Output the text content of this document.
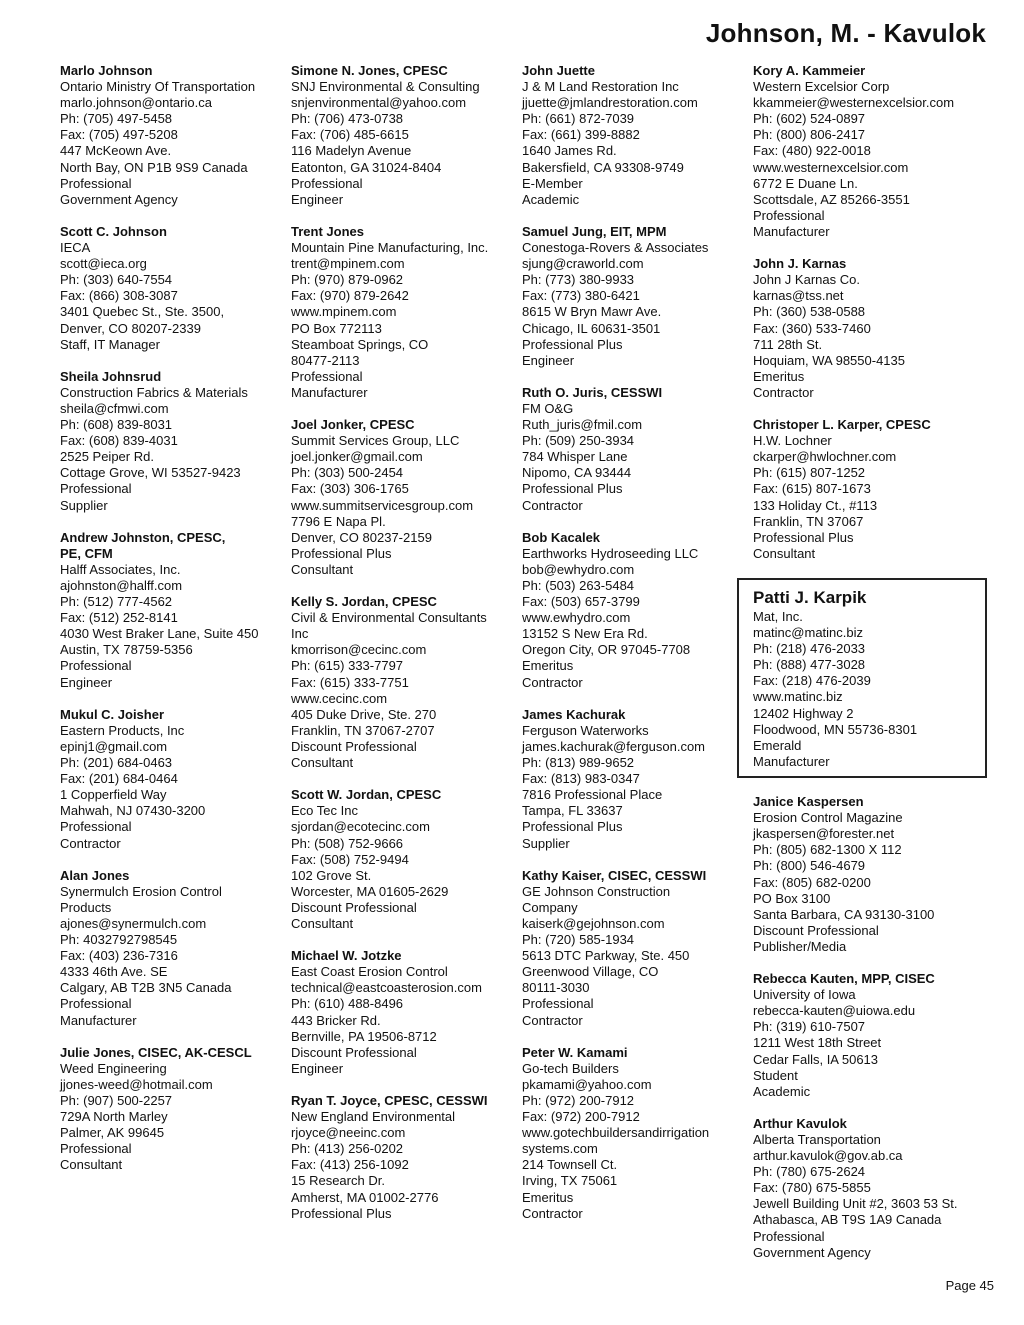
Johnson, M. - Kavulok
Marlo Johnson
Ontario Ministry Of Transportation
marlo.johnson@ontario.ca
Ph: (705) 497-5458
Fax: (705) 497-5208
447 McKeown Ave.
North Bay, ON P1B 9S9 Canada
Professional
Government Agency
Scott C. Johnson
IECA
scott@ieca.org
Ph: (303) 640-7554
Fax: (866) 308-3087
3401 Quebec St., Ste. 3500,
Denver, CO 80207-2339
Staff, IT Manager
Sheila Johnsrud
Construction Fabrics & Materials
sheila@cfmwi.com
Ph: (608) 839-8031
Fax: (608) 839-4031
2525 Peiper Rd.
Cottage Grove, WI 53527-9423
Professional
Supplier
Andrew Johnston, CPESC,
PE, CFM
Halff Associates, Inc.
ajohnston@halff.com
Ph: (512) 777-4562
Fax: (512) 252-8141
4030 West Braker Lane, Suite 450
Austin, TX 78759-5356
Professional
Engineer
Mukul C. Joisher
Eastern Products, Inc
epinj1@gmail.com
Ph: (201) 684-0463
Fax: (201) 684-0464
1 Copperfield Way
Mahwah, NJ 07430-3200
Professional
Contractor
Alan Jones
Synermulch Erosion Control
Products
ajones@synermulch.com
Ph: 4032792798545
Fax: (403) 236-7316
4333 46th Ave. SE
Calgary, AB T2B 3N5 Canada
Professional
Manufacturer
Julie Jones, CISEC, AK-CESCL
Weed Engineering
jjones-weed@hotmail.com
Ph: (907) 500-2257
729A North Marley
Palmer, AK 99645
Professional
Consultant
Simone N. Jones, CPESC
SNJ Environmental & Consulting
snjenvironmental@yahoo.com
Ph: (706) 473-0738
Fax: (706) 485-6615
116 Madelyn Avenue
Eatonton, GA 31024-8404
Professional
Engineer
Trent Jones
Mountain Pine Manufacturing, Inc.
trent@mpinem.com
Ph: (970) 879-0962
Fax: (970) 879-2642
www.mpinem.com
PO Box 772113
Steamboat Springs, CO
80477-2113
Professional
Manufacturer
Joel Jonker, CPESC
Summit Services Group, LLC
joel.jonker@gmail.com
Ph: (303) 500-2454
Fax: (303) 306-1765
www.summitservicesgroup.com
7796 E Napa Pl.
Denver, CO 80237-2159
Professional Plus
Consultant
Kelly S. Jordan, CPESC
Civil & Environmental Consultants
Inc
kmorrison@cecinc.com
Ph: (615) 333-7797
Fax: (615) 333-7751
www.cecinc.com
405 Duke Drive, Ste. 270
Franklin, TN 37067-2707
Discount Professional
Consultant
Scott W. Jordan, CPESC
Eco Tec Inc
sjordan@ecotecinc.com
Ph: (508) 752-9666
Fax: (508) 752-9494
102 Grove St.
Worcester, MA 01605-2629
Discount Professional
Consultant
Michael W. Jotzke
East Coast Erosion Control
technical@eastcoasterosion.com
Ph: (610) 488-8496
443 Bricker Rd.
Bernville, PA 19506-8712
Discount Professional
Engineer
Ryan T. Joyce, CPESC, CESSWI
New England Environmental
rjoyce@neeinc.com
Ph: (413) 256-0202
Fax: (413) 256-1092
15 Research Dr.
Amherst, MA 01002-2776
Professional Plus
John Juette
J & M Land Restoration Inc
jjuette@jmlandrestoration.com
Ph: (661) 872-7039
Fax: (661) 399-8882
1640 James Rd.
Bakersfield, CA 93308-9749
E-Member
Academic
Samuel Jung, EIT, MPM
Conestoga-Rovers & Associates
sjung@craworld.com
Ph: (773) 380-9933
Fax: (773) 380-6421
8615 W Bryn Mawr Ave.
Chicago, IL 60631-3501
Professional Plus
Engineer
Ruth O. Juris, CESSWI
FM O&G
Ruth_juris@fmil.com
Ph: (509) 250-3934
784 Whisper Lane
Nipomo, CA 93444
Professional Plus
Contractor
Bob Kacalek
Earthworks Hydroseeding LLC
bob@ewhydro.com
Ph: (503) 263-5484
Fax: (503) 657-3799
www.ewhydro.com
13152 S New Era Rd.
Oregon City, OR 97045-7708
Emeritus
Contractor
James Kachurak
Ferguson Waterworks
james.kachurak@ferguson.com
Ph: (813) 989-9652
Fax: (813) 983-0347
7816 Professional Place
Tampa, FL 33637
Professional Plus
Supplier
Kathy Kaiser, CISEC, CESSWI
GE Johnson Construction
Company
kaiserk@gejohnson.com
Ph: (720) 585-1934
5613 DTC Parkway, Ste. 450
Greenwood Village, CO
80111-3030
Professional
Contractor
Peter W. Kamami
Go-tech Builders
pkamami@yahoo.com
Ph: (972) 200-7912
Fax: (972) 200-7912
www.gotechbuildersandirrigation
systems.com
214 Townsell Ct.
Irving, TX 75061
Emeritus
Contractor
Kory A. Kammeier
Western Excelsior Corp
kkammeier@westernexcelsior.com
Ph: (602) 524-0897
Ph: (800) 806-2417
Fax: (480) 922-0018
www.westernexcelsior.com
6772 E Duane Ln.
Scottsdale, AZ 85266-3551
Professional
Manufacturer
John J. Karnas
John J Karnas Co.
karnas@tss.net
Ph: (360) 538-0588
Fax: (360) 533-7460
711 28th St.
Hoquiam, WA 98550-4135
Emeritus
Contractor
Christoper L. Karper, CPESC
H.W. Lochner
ckarper@hwlochner.com
Ph: (615) 807-1252
Fax: (615) 807-1673
133 Holiday Ct., #113
Franklin, TN 37067
Professional Plus
Consultant
Patti J. Karpik
Mat, Inc.
matinc@matinc.biz
Ph: (218) 476-2033
Ph: (888) 477-3028
Fax: (218) 476-2039
www.matinc.biz
12402 Highway 2
Floodwood, MN 55736-8301
Emerald
Manufacturer
Janice Kaspersen
Erosion Control Magazine
jkaspersen@forester.net
Ph: (805) 682-1300 X 112
Ph: (800) 546-4679
Fax: (805) 682-0200
PO Box 3100
Santa Barbara, CA 93130-3100
Discount Professional
Publisher/Media
Rebecca Kauten, MPP, CISEC
University of Iowa
rebecca-kauten@uiowa.edu
Ph: (319) 610-7507
1211 West 18th Street
Cedar Falls, IA 50613
Student
Academic
Arthur Kavulok
Alberta Transportation
arthur.kavulok@gov.ab.ca
Ph: (780) 675-2624
Fax: (780) 675-5855
Jewell Building Unit #2, 3603 53 St.
Athabasca, AB T9S 1A9 Canada
Professional
Government Agency
Page 45
